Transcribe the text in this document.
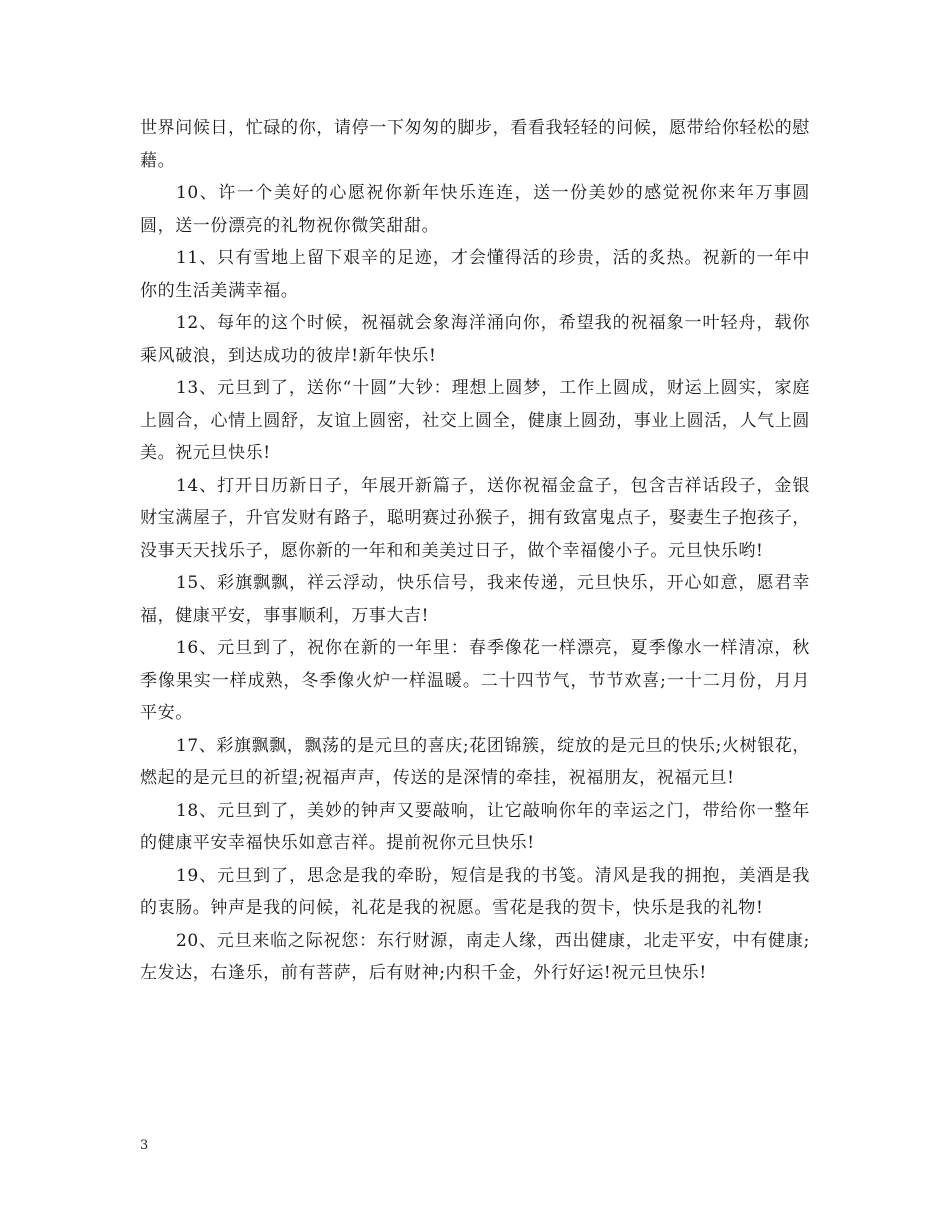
世界问候日，忙碌的你，请停一下匆匆的脚步，看看我轻轻的问候，愿带给你轻松的慰藉。

10、许一个美好的心愿祝你新年快乐连连，送一份美妙的感觉祝你来年万事圆圆，送一份漂亮的礼物祝你微笑甜甜。

11、只有雪地上留下艰辛的足迹，才会懂得活的珍贵，活的炙热。祝新的一年中你的生活美满幸福。

12、每年的这个时候，祝福就会象海洋涌向你，希望我的祝福象一叶轻舟，载你乘风破浪，到达成功的彼岸!新年快乐!

13、元旦到了，送你“十圆”大钞：理想上圆梦，工作上圆成，财运上圆实，家庭上圆合，心情上圆舒，友谊上圆密，社交上圆全，健康上圆劲，事业上圆活，人气上圆美。祝元旦快乐!

14、打开日历新日子，年展开新篇子，送你祝福金盒子，包含吉祥话段子，金银财宝满屋子，升官发财有路子，聪明赛过孙猴子，拥有致富鬼点子，娶妻生子抱孩子，没事天天找乐子，愿你新的一年和和美美过日子，做个幸福傻小子。元旦快乐哟!

15、彩旗飘飘，祥云浮动，快乐信号，我来传递，元旦快乐，开心如意，愿君幸福，健康平安，事事顺利，万事大吉!

16、元旦到了，祝你在新的一年里：春季像花一样漂亮，夏季像水一样清凉，秋季像果实一样成熟，冬季像火炉一样温暖。二十四节气，节节欢喜;一十二月份，月月平安。

17、彩旗飘飘，飘荡的是元旦的喜庆;花团锦簇，绽放的是元旦的快乐;火树银花，燃起的是元旦的祈望;祝福声声，传送的是深情的牵挂，祝福朋友，祝福元旦!

18、元旦到了，美妙的钟声又要敲响，让它敲响你年的幸运之门，带给你一整年的健康平安幸福快乐如意吉祥。提前祝你元旦快乐!

19、元旦到了，思念是我的牵盼，短信是我的书笺。清风是我的拥抱，美酒是我的衷肠。钟声是我的问候，礼花是我的祝愿。雪花是我的贺卡，快乐是我的礼物!

20、元旦来临之际祝您：东行财源，南走人缘，西出健康，北走平安，中有健康;左发达，右逢乐，前有菩萨，后有财神;内积千金，外行好运!祝元旦快乐!

3
